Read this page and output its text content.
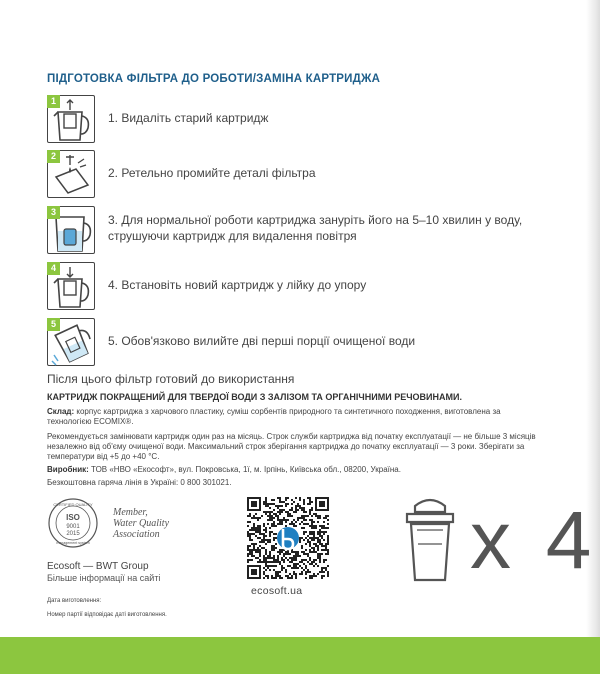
ПІДГОТОВКА ФІЛЬТРА ДО РОБОТИ/ЗАМІНА КАРТРИДЖА
1
1. Видаліть старий картридж
2
2. Ретельно промийте деталі фільтра
3
3. Для нормальної роботи картриджа зануріть його на 5–10 хвилин у воду,
струшуючи картридж для видалення повітря
4
4. Встановіть новий картридж у лійку до упору
5
5. Обов'язково вилийте дві перші порції очищеної води
Після цього фільтр готовий до використання
КАРТРИДЖ ПОКРАЩЕНИЙ ДЛЯ ТВЕРДОЇ ВОДИ З ЗАЛІЗОМ ТА ОРГАНІЧНИМИ РЕЧОВИНАМИ.
Склад: корпус картриджа з харчового пластику, суміш сорбентів природного та синтетичного походження, виготовлена за
технологією ECOMIX®.
Рекомендується замінювати картридж один раз на місяць. Строк служби картриджа від початку експлуатації — не більше 3 місяців
незалежно від об'єму очищеної води. Максимальний строк зберігання картриджа до початку експлуатації — 3 роки. Зберігати за
температури від +5 до +40 °С.
Виробник: ТОВ «НВО «Екософт», вул. Покровська, 1ї, м. Ірпінь, Київська обл., 08200, Україна.
Безкоштовна гаряча лінія в Україні: 0 800 301021.
CERTIFIED QUALITY
ISO
9001
2015
management system
Member,
Water Quality
Association
Ecosoft — BWT Group
Більше інформації на сайті
ecosoft.ua
x 4
Дата виготовлення:
Номер партії відповідає даті виготовлення.
